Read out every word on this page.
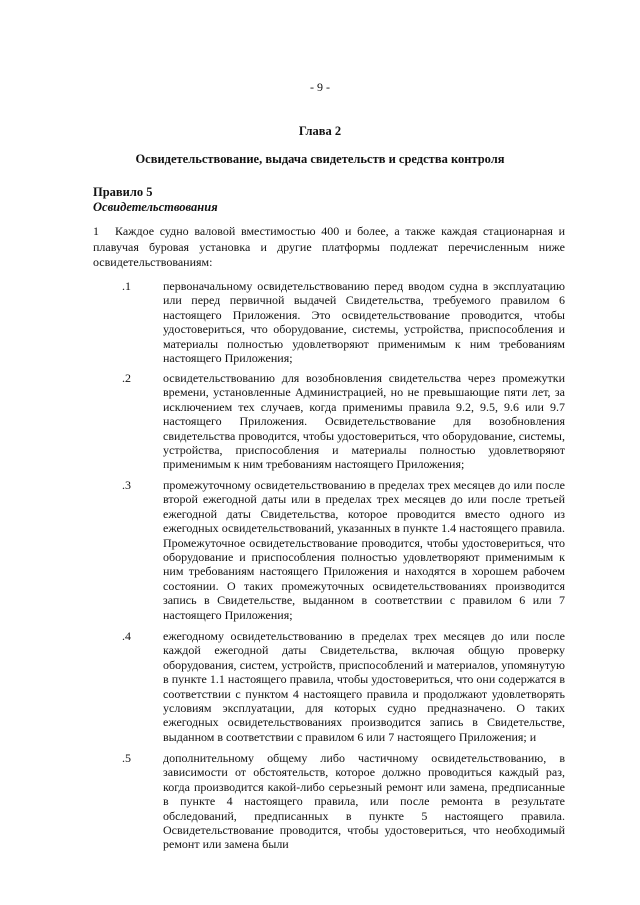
- 9 -
Глава 2
Освидетельствование, выдача свидетельств и средства контроля
Правило 5
Освидетельствования
1 Каждое судно валовой вместимостью 400 и более, а также каждая стационарная и плавучая буровая установка и другие платформы подлежат перечисленным ниже освидетельствованиям:
.1	первоначальному освидетельствованию перед вводом судна в эксплуатацию или перед первичной выдачей Свидетельства, требуемого правилом 6 настоящего Приложения. Это освидетельствование проводится, чтобы удостовериться, что оборудование, системы, устройства, приспособления и материалы полностью удовлетворяют применимым к ним требованиям настоящего Приложения;
.2	освидетельствованию для возобновления свидетельства через промежутки времени, установленные Администрацией, но не превышающие пяти лет, за исключением тех случаев, когда применимы правила 9.2, 9.5, 9.6 или 9.7 настоящего Приложения. Освидетельствование для возобновления свидетельства проводится, чтобы удостовериться, что оборудование, системы, устройства, приспособления и материалы полностью удовлетворяют применимым к ним требованиям настоящего Приложения;
.3	промежуточному освидетельствованию в пределах трех месяцев до или после второй ежегодной даты или в пределах трех месяцев до или после третьей ежегодной даты Свидетельства, которое проводится вместо одного из ежегодных освидетельствований, указанных в пункте 1.4 настоящего правила. Промежуточное освидетельствование проводится, чтобы удостовериться, что оборудование и приспособления полностью удовлетворяют применимым к ним требованиям настоящего Приложения и находятся в хорошем рабочем состоянии. О таких промежуточных освидетельствованиях производится запись в Свидетельстве, выданном в соответствии с правилом 6 или 7 настоящего Приложения;
.4	ежегодному освидетельствованию в пределах трех месяцев до или после каждой ежегодной даты Свидетельства, включая общую проверку оборудования, систем, устройств, приспособлений и материалов, упомянутую в пункте 1.1 настоящего правила, чтобы удостовериться, что они содержатся в соответствии с пунктом 4 настоящего правила и продолжают удовлетворять условиям эксплуатации, для которых судно предназначено. О таких ежегодных освидетельствованиях производится запись в Свидетельстве, выданном в соответствии с правилом 6 или 7 настоящего Приложения; и
.5	дополнительному общему либо частичному освидетельствованию, в зависимости от обстоятельств, которое должно проводиться каждый раз, когда производится какой-либо серьезный ремонт или замена, предписанные в пункте 4 настоящего правила, или после ремонта в результате обследований, предписанных в пункте 5 настоящего правила. Освидетельствование проводится, чтобы удостовериться, что необходимый ремонт или замена были
